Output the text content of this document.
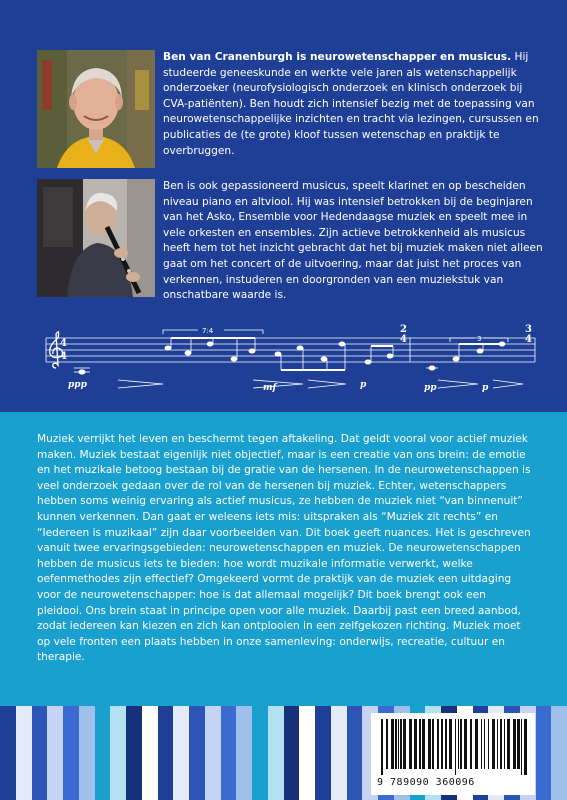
Ben van Cranenburgh is neurowetenschapper en musicus. Hij studeerde geneeskunde en werkte vele jaren als wetenschappelijk onderzoeker (neurofysiologisch onderzoek en klinisch onderzoek bij CVA-patiënten). Ben houdt zich intensief bezig met de toepassing van neurowetenschappelijke inzichten en tracht via lezingen, cursussen en publicaties de (te grote) kloof tussen wetenschap en praktijk te overbruggen.

Ben is ook gepassioneerd musicus, speelt klarinet en op bescheiden niveau piano en altviool. Hij was intensief betrokken bij de beginjaren van het Asko, Ensemble voor Hedendaagse muziek en speelt mee in vele orkesten en ensembles. Zijn actieve betrokkenheid als musicus heeft hem tot het inzicht gebracht dat het bij muziek maken niet alleen gaat om het concert of de uitvoering, maar dat juist het proces van verkennen, instuderen en doorgronden van een muziekstuk van onschatbare waarde is.

4
4
2
4
3
4
7:4
3
ppp	mf	p	pp	p

Muziek verrijkt het leven en beschermt tegen aftakeling. Dat geldt vooral voor actief muziek maken. Muziek bestaat eigenlijk niet objectief, maar is een creatie van ons brein: de emotie en het muzikale betoog bestaan bij de gratie van de hersenen. In de neurowetenschappen is veel onderzoek gedaan over de rol van de hersenen bij muziek. Echter, wetenschappers hebben soms weinig ervaring als actief musicus, ze hebben de muziek niet “van binnenuit” kunnen verkennen. Dan gaat er weleens iets mis: uitspraken als “Muziek zit rechts” en “Iedereen is muzikaal” zijn daar voorbeelden van. Dit boek geeft nuances. Het is geschreven vanuit twee ervaringsgebieden: neurowetenschappen en muziek. De neurowetenschappen hebben de musicus iets te bieden: hoe wordt muzikale informatie verwerkt, welke oefenmethodes zijn effectief? Omgekeerd vormt de praktijk van de muziek een uitdaging voor de neurowetenschapper: hoe is dat allemaal mogelijk? Dit boek brengt ook een pleidooi. Ons brein staat in principe open voor alle muziek. Daarbij past een breed aanbod, zodat iedereen kan kiezen en zich kan ontplooien in een zelfgekozen richting. Muziek moet op vele fronten een plaats hebben in onze samenleving: onderwijs, recreatie, cultuur en therapie.

9 789090 360096
